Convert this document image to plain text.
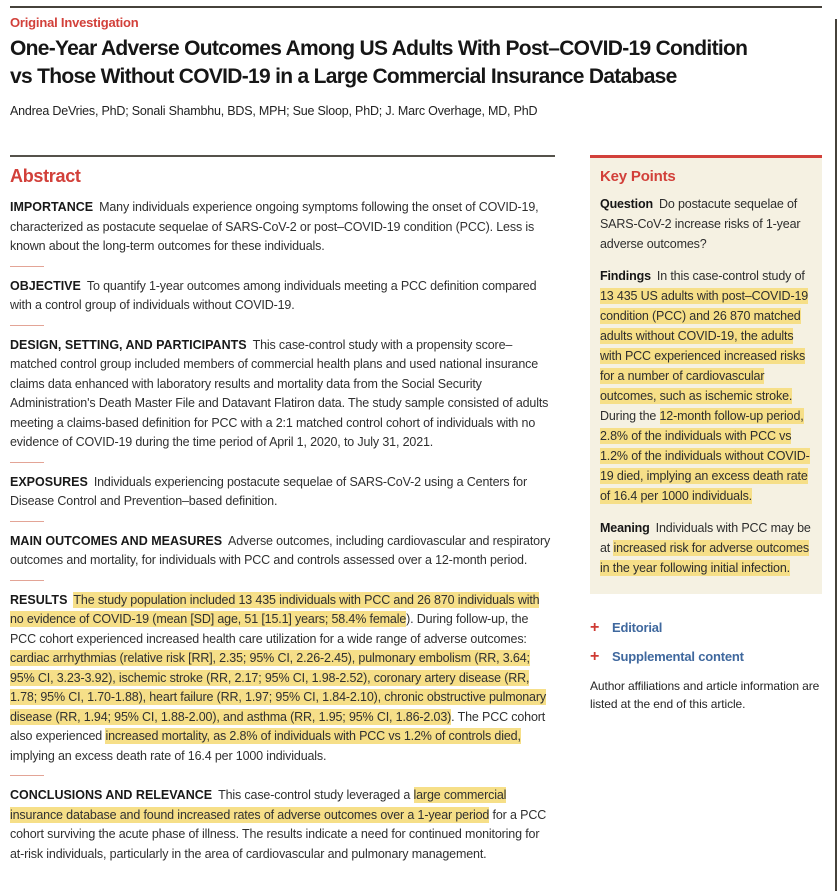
Original Investigation
One-Year Adverse Outcomes Among US Adults With Post–COVID-19 Condition
vs Those Without COVID-19 in a Large Commercial Insurance Database
Andrea DeVries, PhD; Sonali Shambhu, BDS, MPH; Sue Sloop, PhD; J. Marc Overhage, MD, PhD
Abstract

IMPORTANCE Many individuals experience ongoing symptoms following the onset of COVID-19, characterized as postacute sequelae of SARS-CoV-2 or post–COVID-19 condition (PCC). Less is known about the long-term outcomes for these individuals.

OBJECTIVE To quantify 1-year outcomes among individuals meeting a PCC definition compared with a control group of individuals without COVID-19.

DESIGN, SETTING, AND PARTICIPANTS This case-control study with a propensity score–matched control group included members of commercial health plans and used national insurance claims data enhanced with laboratory results and mortality data from the Social Security Administration's Death Master File and Datavant Flatiron data. The study sample consisted of adults meeting a claims-based definition for PCC with a 2:1 matched control cohort of individuals with no evidence of COVID-19 during the time period of April 1, 2020, to July 31, 2021.

EXPOSURES Individuals experiencing postacute sequelae of SARS-CoV-2 using a Centers for Disease Control and Prevention–based definition.

MAIN OUTCOMES AND MEASURES Adverse outcomes, including cardiovascular and respiratory outcomes and mortality, for individuals with PCC and controls assessed over a 12-month period.

RESULTS The study population included 13 435 individuals with PCC and 26 870 individuals with no evidence of COVID-19 (mean [SD] age, 51 [15.1] years; 58.4% female). During follow-up, the PCC cohort experienced increased health care utilization for a wide range of adverse outcomes: cardiac arrhythmias (relative risk [RR], 2.35; 95% CI, 2.26-2.45), pulmonary embolism (RR, 3.64; 95% CI, 3.23-3.92), ischemic stroke (RR, 2.17; 95% CI, 1.98-2.52), coronary artery disease (RR, 1.78; 95% CI, 1.70-1.88), heart failure (RR, 1.97; 95% CI, 1.84-2.10), chronic obstructive pulmonary disease (RR, 1.94; 95% CI, 1.88-2.00), and asthma (RR, 1.95; 95% CI, 1.86-2.03). The PCC cohort also experienced increased mortality, as 2.8% of individuals with PCC vs 1.2% of controls died, implying an excess death rate of 16.4 per 1000 individuals.

CONCLUSIONS AND RELEVANCE This case-control study leveraged a large commercial insurance database and found increased rates of adverse outcomes over a 1-year period for a PCC cohort surviving the acute phase of illness. The results indicate a need for continued monitoring for at-risk individuals, particularly in the area of cardiovascular and pulmonary management.

Key Points

Question Do postacute sequelae of SARS-CoV-2 increase risks of 1-year adverse outcomes?

Findings In this case-control study of 13 435 US adults with post–COVID-19 condition (PCC) and 26 870 matched adults without COVID-19, the adults with PCC experienced increased risks for a number of cardiovascular outcomes, such as ischemic stroke. During the 12-month follow-up period, 2.8% of the individuals with PCC vs 1.2% of the individuals without COVID-19 died, implying an excess death rate of 16.4 per 1000 individuals.

Meaning Individuals with PCC may be at increased risk for adverse outcomes in the year following initial infection.

+ Editorial
+ Supplemental content

Author affiliations and article information are listed at the end of this article.
